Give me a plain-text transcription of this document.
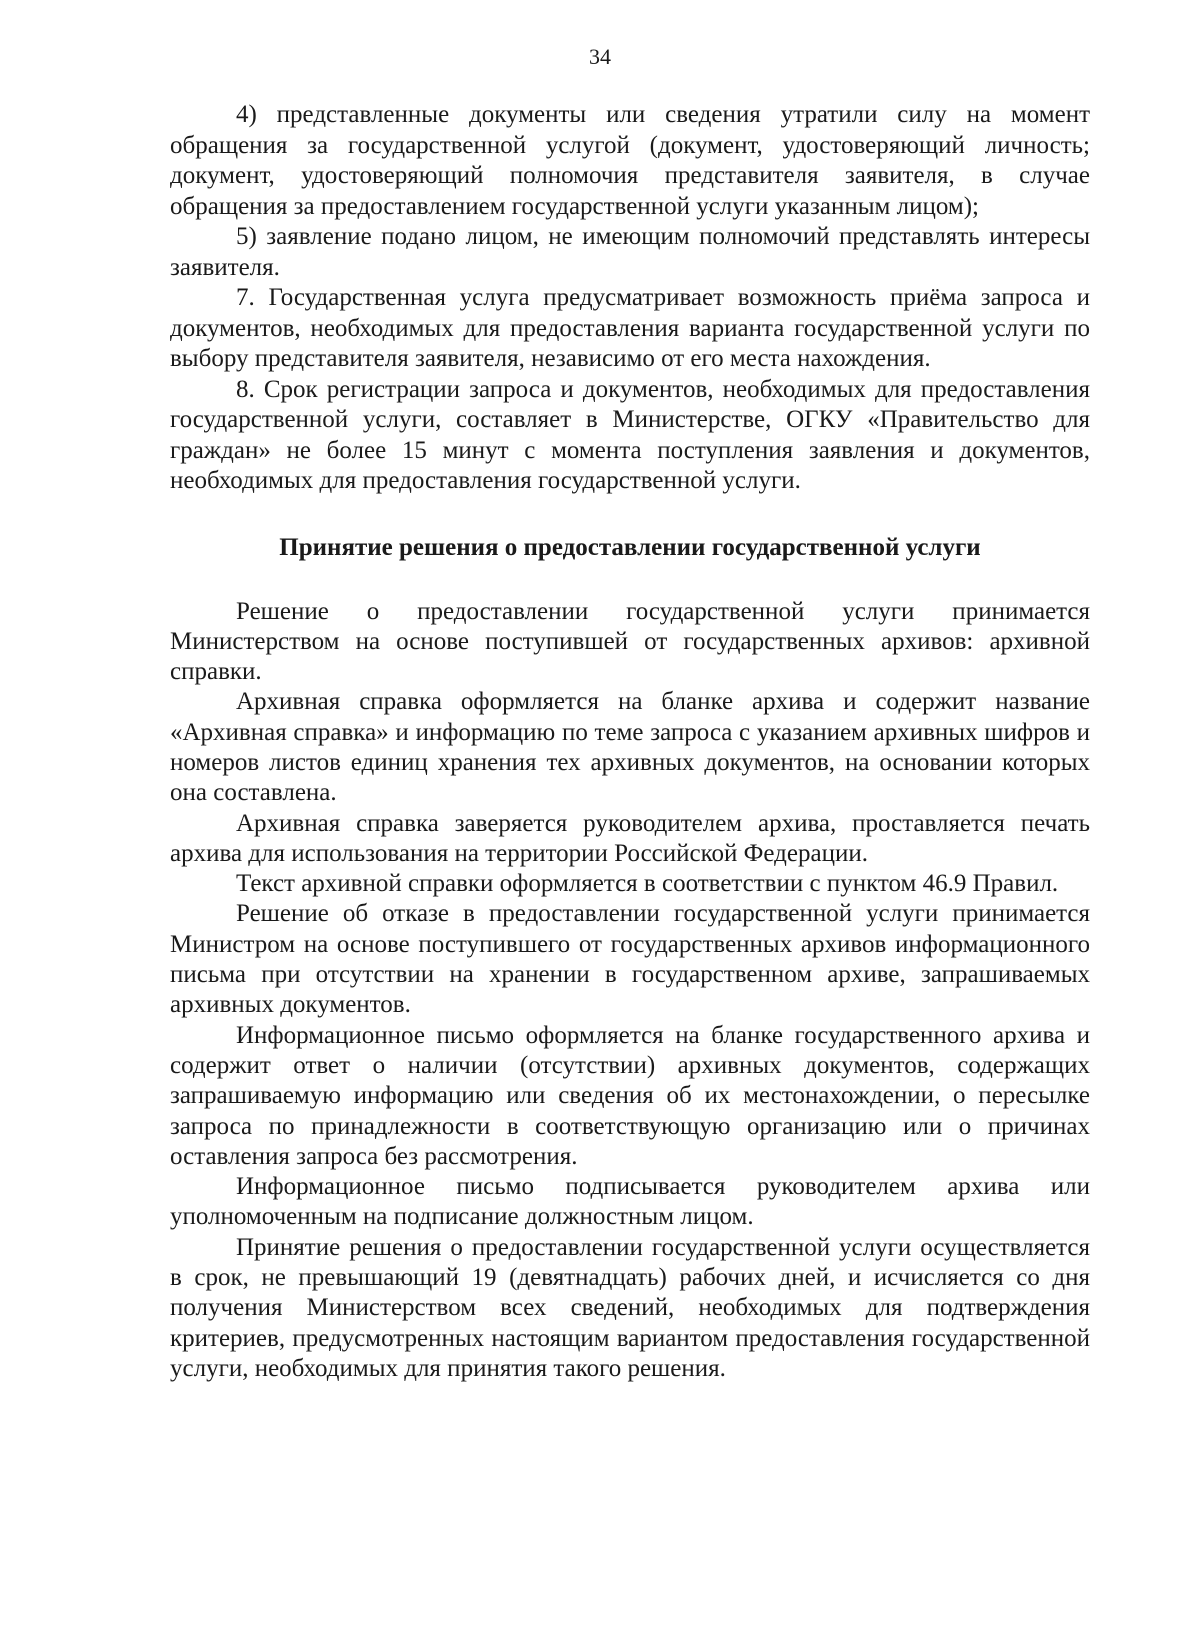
34

4) представленные документы или сведения утратили силу на момент обращения за государственной услугой (документ, удостоверяющий личность; документ, удостоверяющий полномочия представителя заявителя, в случае обращения за предоставлением государственной услуги указанным лицом);

5) заявление подано лицом, не имеющим полномочий представлять интересы заявителя.

7. Государственная услуга предусматривает возможность приёма запроса и документов, необходимых для предоставления варианта государственной услуги по выбору представителя заявителя, независимо от его места нахождения.

8. Срок регистрации запроса и документов, необходимых для предоставления государственной услуги, составляет в Министерстве, ОГКУ «Правительство для граждан» не более 15 минут с момента поступления заявления и документов, необходимых для предоставления государственной услуги.

Принятие решения о предоставлении государственной услуги

Решение о предоставлении государственной услуги принимается Министерством на основе поступившей от государственных архивов: архивной справки.

Архивная справка оформляется на бланке архива и содержит название «Архивная справка» и информацию по теме запроса с указанием архивных шифров и номеров листов единиц хранения тех архивных документов, на основании которых она составлена.

Архивная справка заверяется руководителем архива, проставляется печать архива для использования на территории Российской Федерации.

Текст архивной справки оформляется в соответствии с пунктом 46.9 Правил.

Решение об отказе в предоставлении государственной услуги принимается Министром на основе поступившего от государственных архивов информационного письма при отсутствии на хранении в государственном архиве, запрашиваемых архивных документов.

Информационное письмо оформляется на бланке государственного архива и содержит ответ о наличии (отсутствии) архивных документов, содержащих запрашиваемую информацию или сведения об их местонахождении, о пересылке запроса по принадлежности в соответствующую организацию или о причинах оставления запроса без рассмотрения.

Информационное письмо подписывается руководителем архива или уполномоченным на подписание должностным лицом.

Принятие решения о предоставлении государственной услуги осуществляется в срок, не превышающий 19 (девятнадцать) рабочих дней, и исчисляется со дня получения Министерством всех сведений, необходимых для подтверждения критериев, предусмотренных настоящим вариантом предоставления государственной услуги, необходимых для принятия такого решения.
